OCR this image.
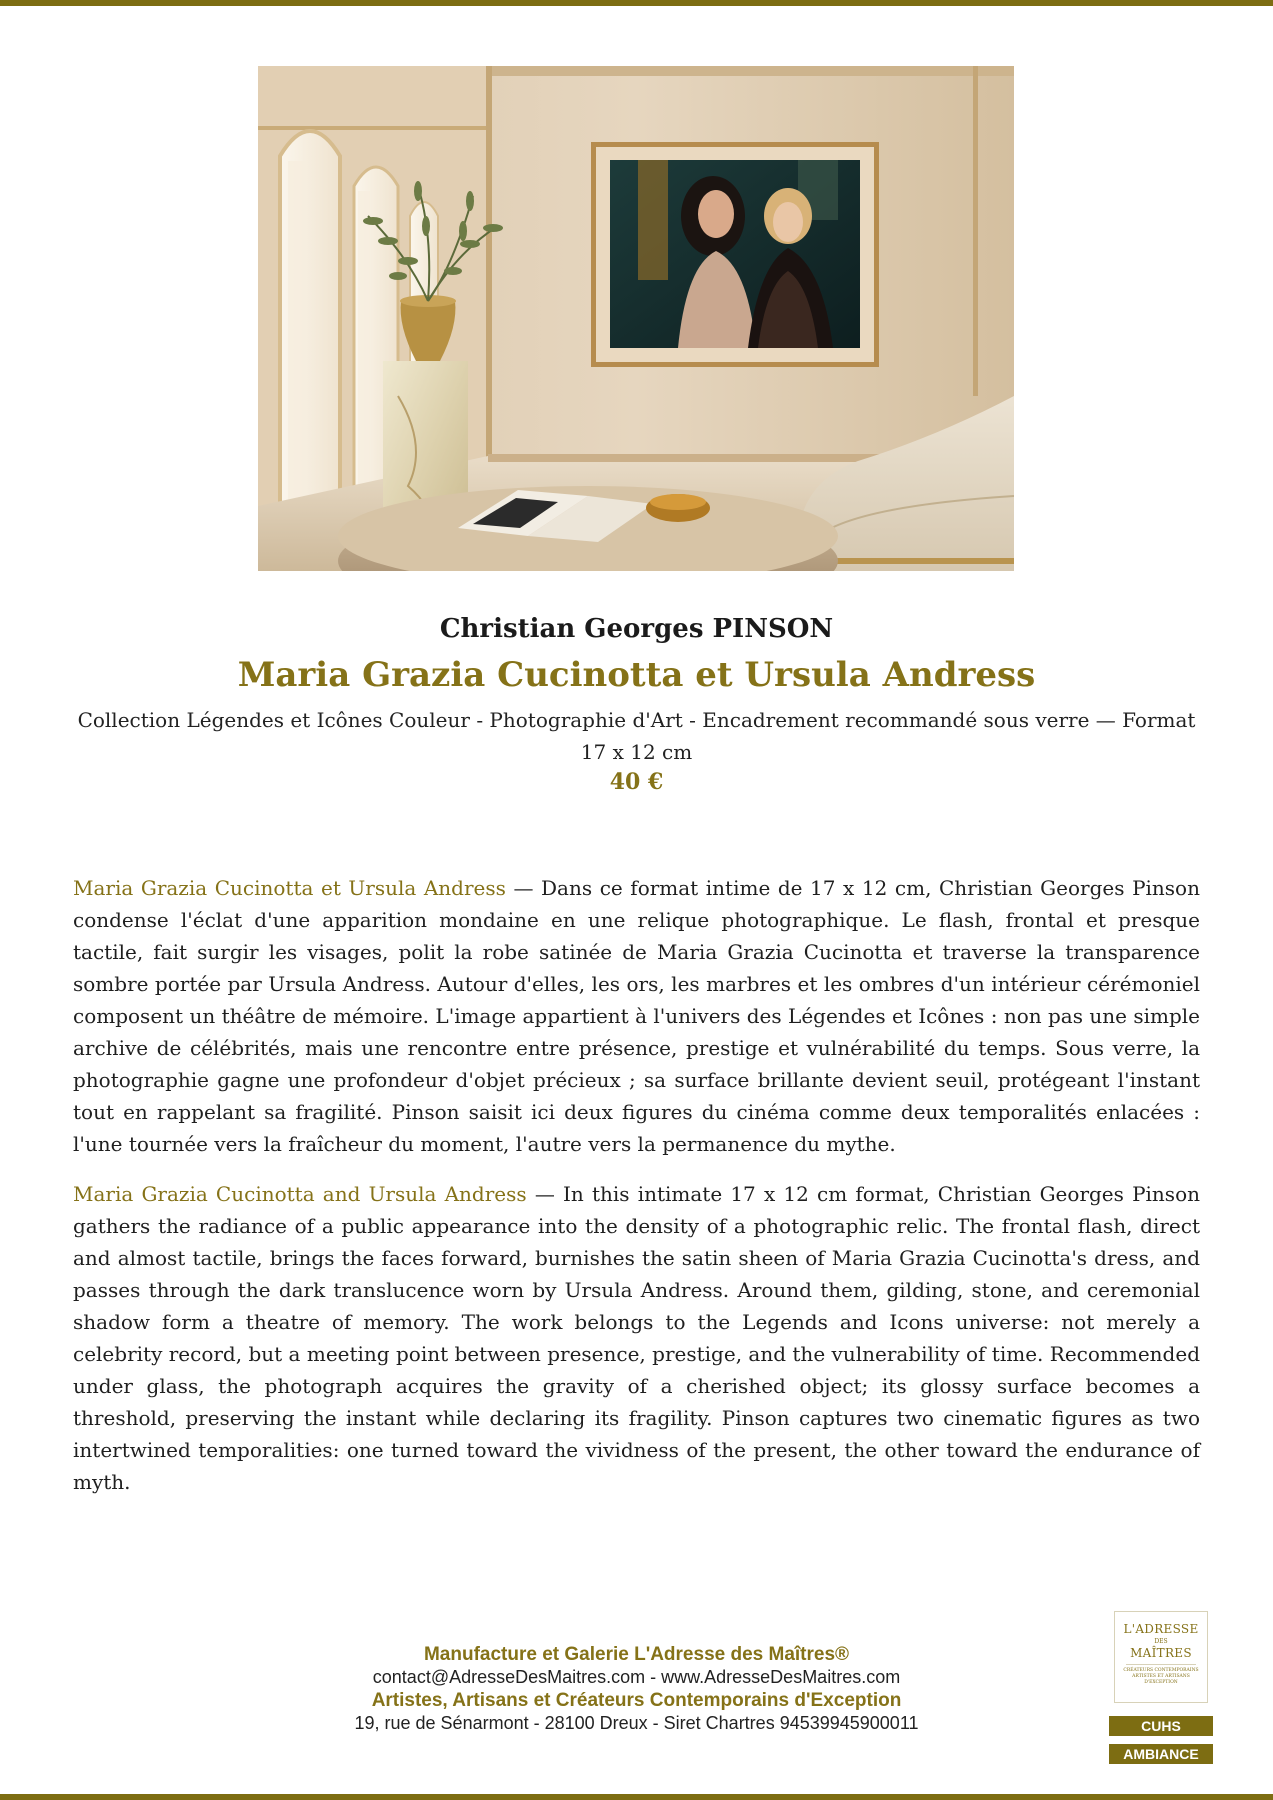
Christian Georges PINSON
Maria Grazia Cucinotta et Ursula Andress
Collection Légendes et Icônes Couleur - Photographie d'Art - Encadrement recommandé sous verre — Format 17 x 12 cm
40 €

Maria Grazia Cucinotta et Ursula Andress — Dans ce format intime de 17 x 12 cm, Christian Georges Pinson condense l'éclat d'une apparition mondaine en une relique photographique. Le flash, frontal et presque tactile, fait surgir les visages, polit la robe satinée de Maria Grazia Cucinotta et traverse la transparence sombre portée par Ursula Andress. Autour d'elles, les ors, les marbres et les ombres d'un intérieur cérémoniel composent un théâtre de mémoire. L'image appartient à l'univers des Légendes et Icônes : non pas une simple archive de célébrités, mais une rencontre entre présence, prestige et vulnérabilité du temps. Sous verre, la photographie gagne une profondeur d'objet précieux ; sa surface brillante devient seuil, protégeant l'instant tout en rappelant sa fragilité. Pinson saisit ici deux figures du cinéma comme deux temporalités enlacées : l'une tournée vers la fraîcheur du moment, l'autre vers la permanence du mythe.

Maria Grazia Cucinotta and Ursula Andress — In this intimate 17 x 12 cm format, Christian Georges Pinson gathers the radiance of a public appearance into the density of a photographic relic. The frontal flash, direct and almost tactile, brings the faces forward, burnishes the satin sheen of Maria Grazia Cucinotta's dress, and passes through the dark translucence worn by Ursula Andress. Around them, gilding, stone, and ceremonial shadow form a theatre of memory. The work belongs to the Legends and Icons universe: not merely a celebrity record, but a meeting point between presence, prestige, and the vulnerability of time. Recommended under glass, the photograph acquires the gravity of a cherished object; its glossy surface becomes a threshold, preserving the instant while declaring its fragility. Pinson captures two cinematic figures as two intertwined temporalities: one turned toward the vividness of the present, the other toward the endurance of myth.

Manufacture et Galerie L'Adresse des Maîtres®
contact@AdresseDesMaitres.com - www.AdresseDesMaitres.com
Artistes, Artisans et Créateurs Contemporains d'Exception
19, rue de Sénarmont - 28100 Dreux - Siret Chartres 94539945900011
L'ADRESSE
DES
MAÎTRES
CRÉATEURS CONTEMPORAINS ARTISTES ET ARTISANS D'EXCEPTION
CUHS
AMBIANCE
